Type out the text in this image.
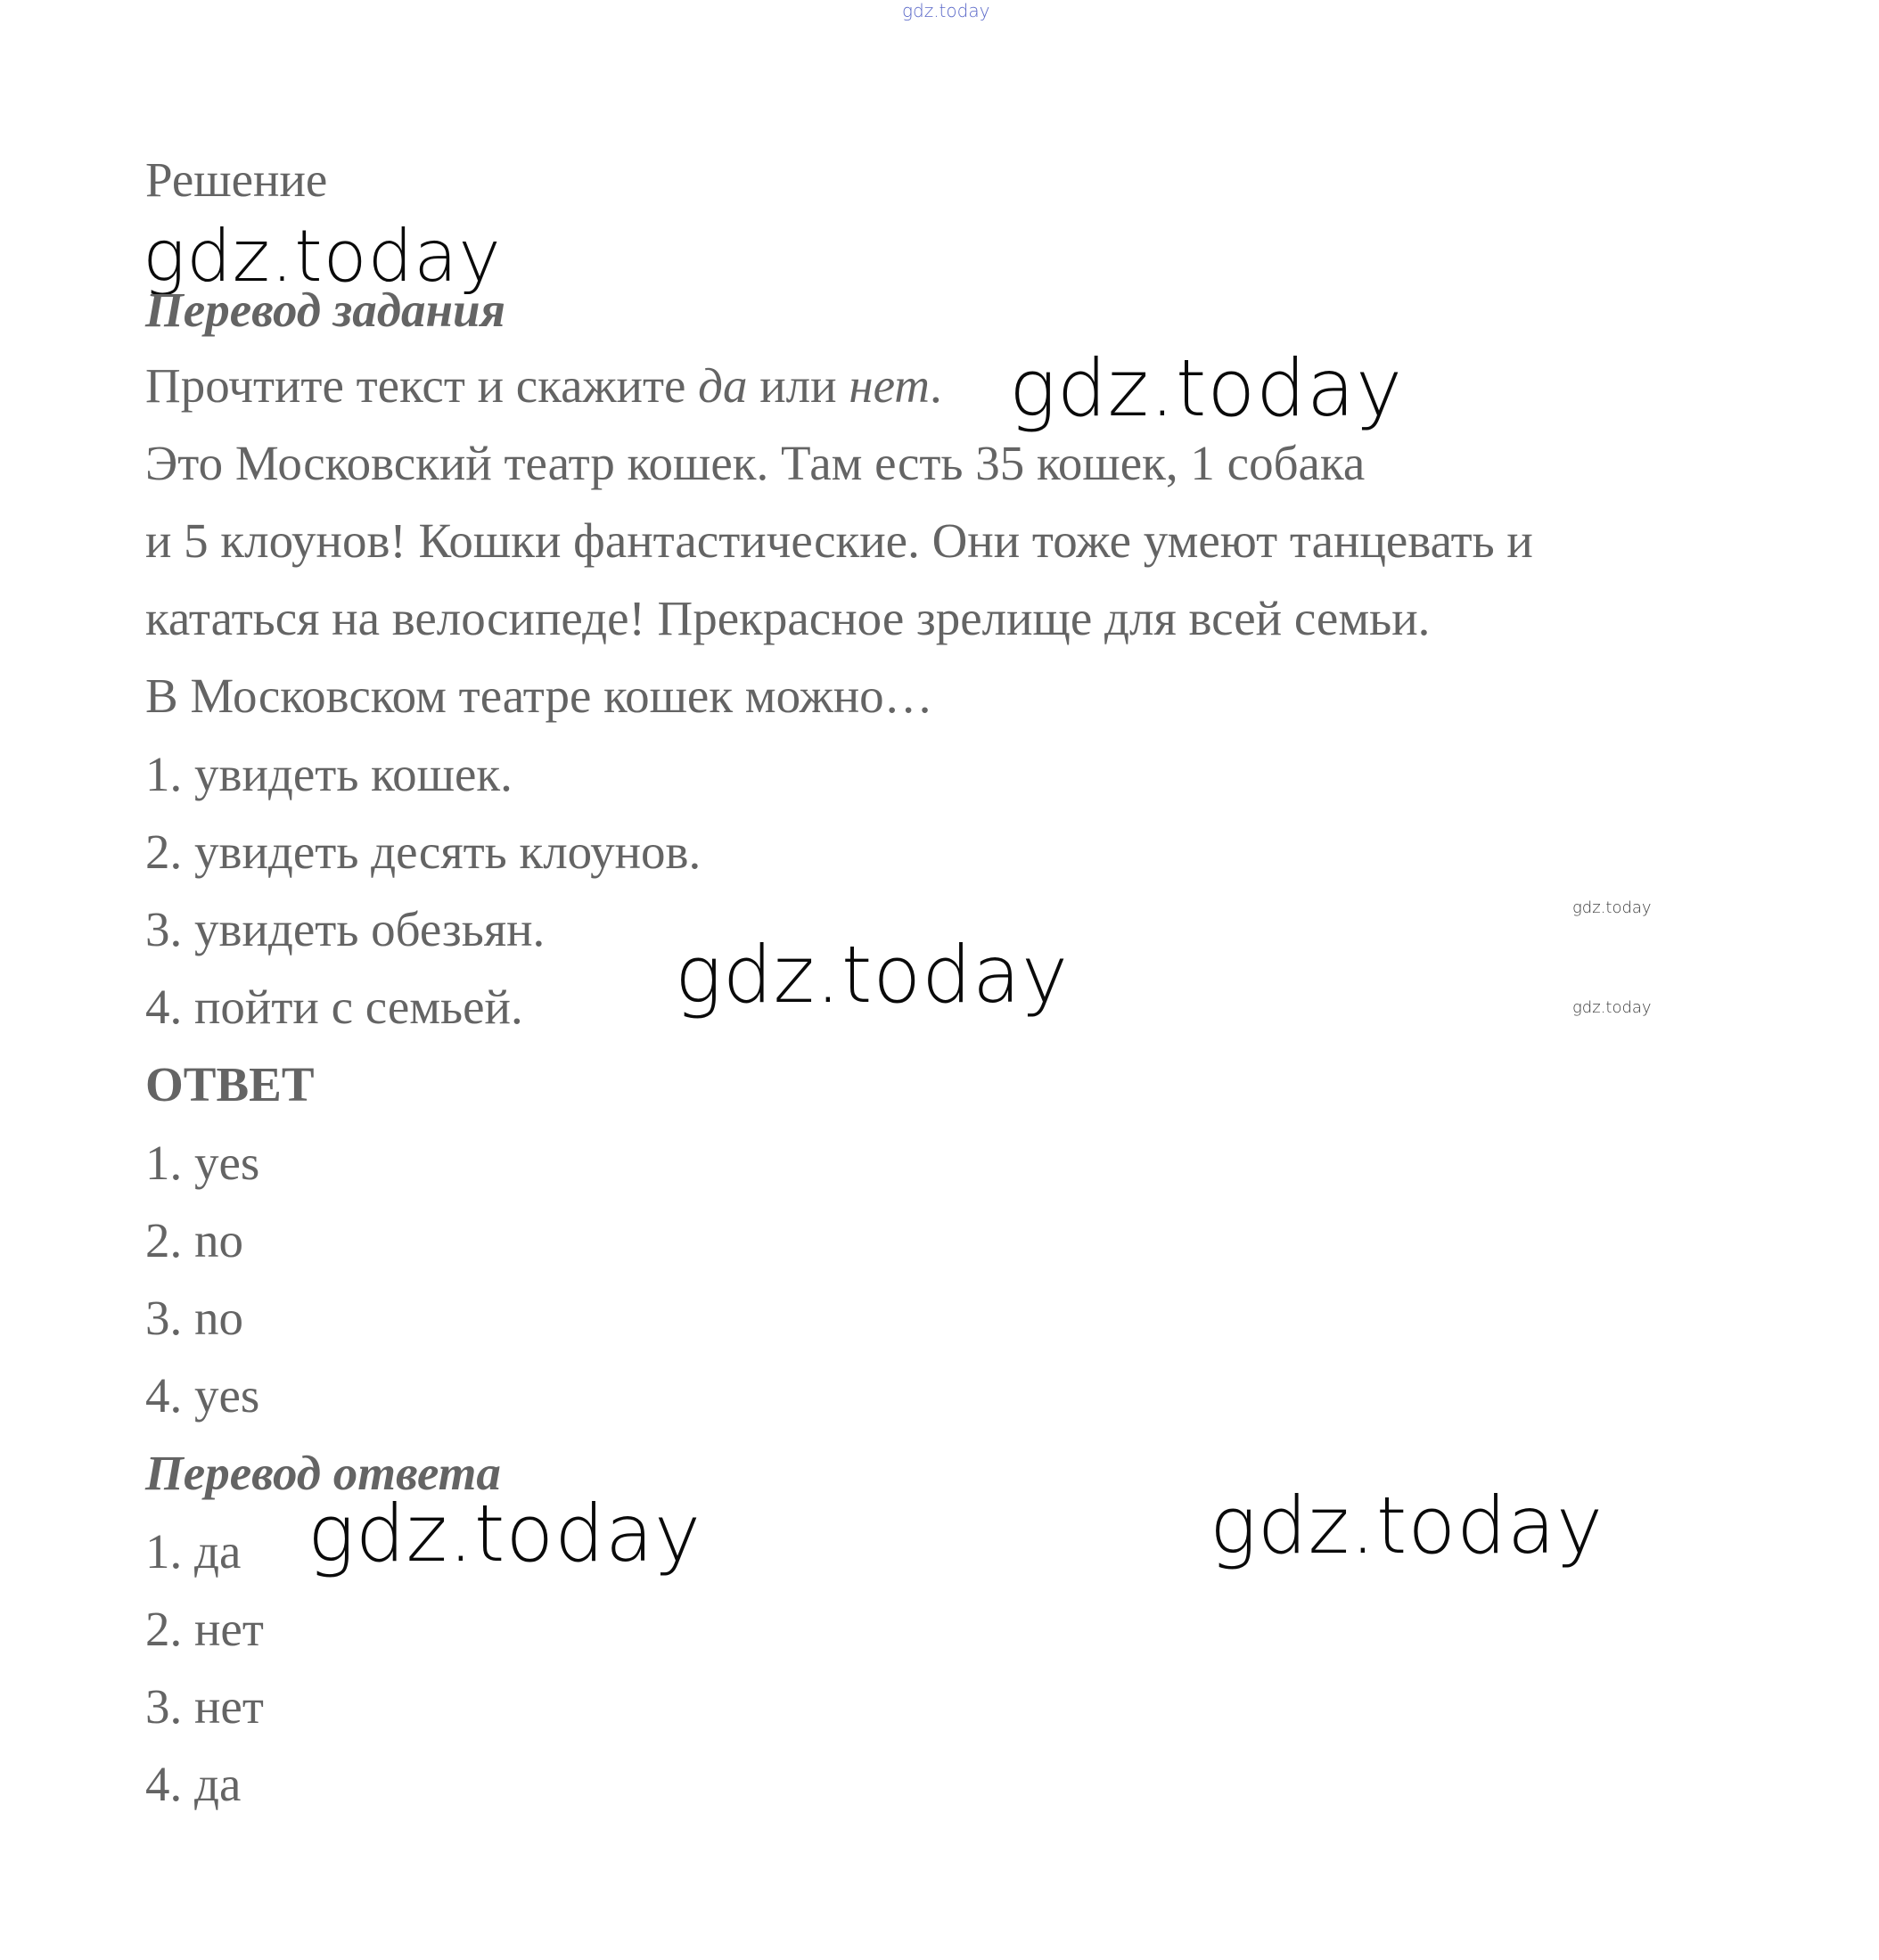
gdz.today
Решение
gdz.today
Перевод задания
Прочтите текст и скажите да или нет. gdz.today
Это Московский театр кошек. Там есть 35 кошек, 1 собака
и 5 клоунов! Кошки фантастические. Они тоже умеют танцевать и
кататься на велосипеде! Прекрасное зрелище для всей семьи.
В Московском театре кошек можно…
1. увидеть кошек.
2. увидеть десять клоунов.
3. увидеть обезьян.
4. пойти с семьей.
gdz.today
gdz.today
gdz.today
ОТВЕТ
1. yes
2. no
3. no
4. yes
Перевод ответа
1. да
2. нет
3. нет
4. да
gdz.today	gdz.today
